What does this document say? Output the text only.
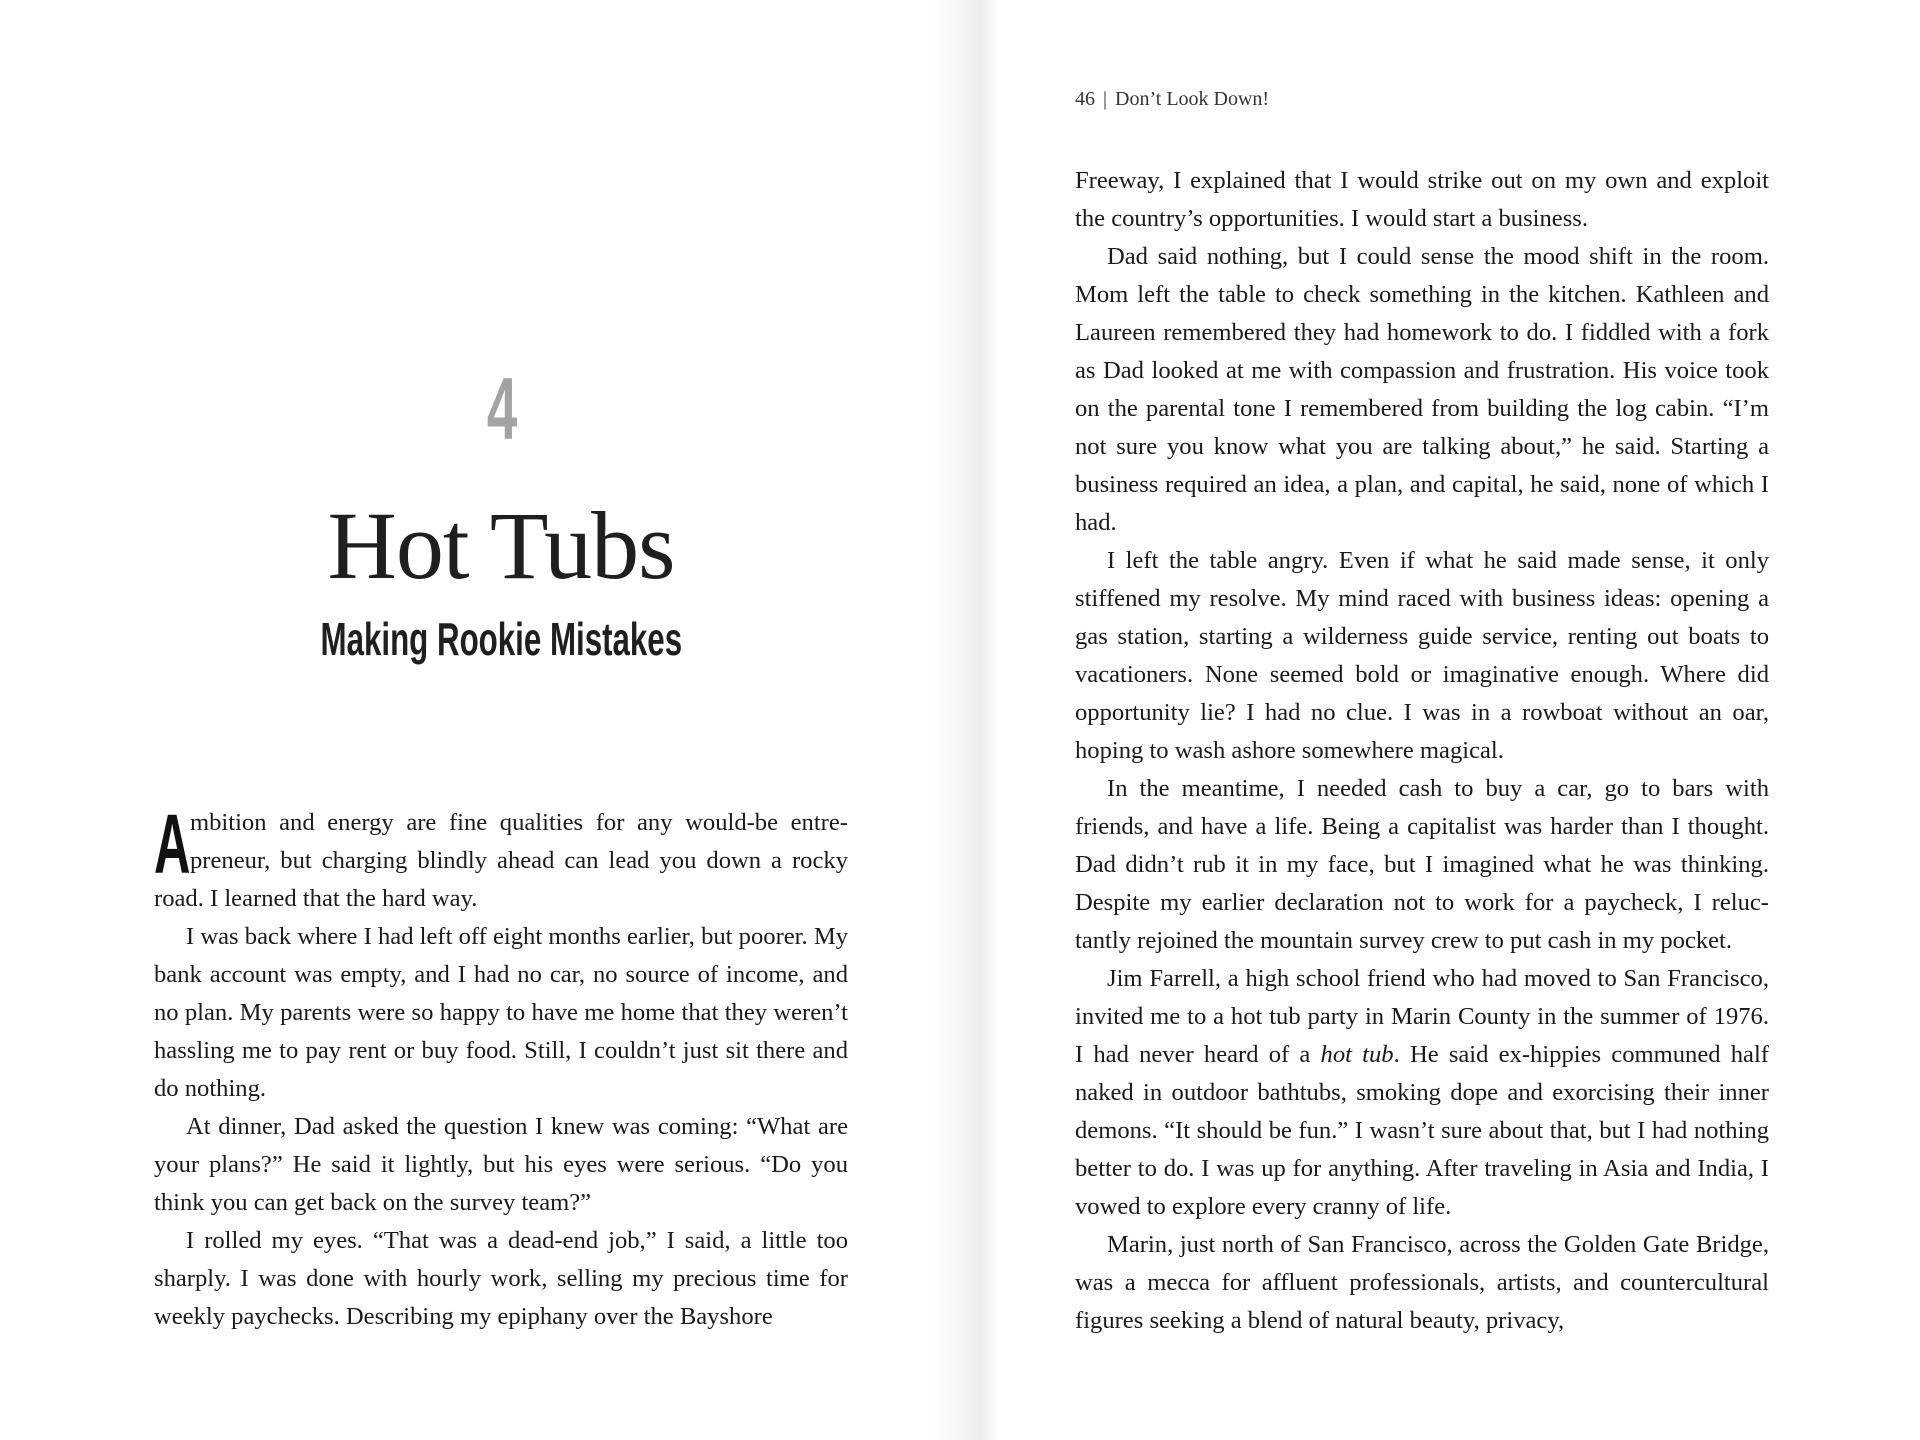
4
Hot Tubs
Making Rookie Mistakes

Ambition and energy are fine qualities for any would-be entrepreneur, but charging blindly ahead can lead you down a rocky road. I learned that the hard way.

I was back where I had left off eight months earlier, but poorer. My bank account was empty, and I had no car, no source of income, and no plan. My parents were so happy to have me home that they weren’t hassling me to pay rent or buy food. Still, I couldn’t just sit there and do nothing.

At dinner, Dad asked the question I knew was coming: “What are your plans?” He said it lightly, but his eyes were serious. “Do you think you can get back on the survey team?”

I rolled my eyes. “That was a dead-end job,” I said, a little too sharply. I was done with hourly work, selling my precious time for weekly paychecks. Describing my epiphany over the Bayshore

46 | Don’t Look Down!

Freeway, I explained that I would strike out on my own and exploit the country’s opportunities. I would start a business.

Dad said nothing, but I could sense the mood shift in the room. Mom left the table to check something in the kitchen. Kathleen and Laureen remembered they had homework to do. I fiddled with a fork as Dad looked at me with compassion and frustration. His voice took on the parental tone I remembered from building the log cabin. “I’m not sure you know what you are talking about,” he said. Starting a business required an idea, a plan, and capital, he said, none of which I had.

I left the table angry. Even if what he said made sense, it only stiffened my resolve. My mind raced with business ideas: opening a gas station, starting a wilderness guide service, renting out boats to vacationers. None seemed bold or imaginative enough. Where did opportunity lie? I had no clue. I was in a rowboat without an oar, hoping to wash ashore somewhere magical.

In the meantime, I needed cash to buy a car, go to bars with friends, and have a life. Being a capitalist was harder than I thought. Dad didn’t rub it in my face, but I imagined what he was thinking. Despite my earlier declaration not to work for a paycheck, I reluctantly rejoined the mountain survey crew to put cash in my pocket.

Jim Farrell, a high school friend who had moved to San Francisco, invited me to a hot tub party in Marin County in the summer of 1976. I had never heard of a hot tub. He said ex-hippies communed half naked in outdoor bathtubs, smoking dope and exorcising their inner demons. “It should be fun.” I wasn’t sure about that, but I had nothing better to do. I was up for anything. After traveling in Asia and India, I vowed to explore every cranny of life.

Marin, just north of San Francisco, across the Golden Gate Bridge, was a mecca for affluent professionals, artists, and countercultural figures seeking a blend of natural beauty, privacy,
